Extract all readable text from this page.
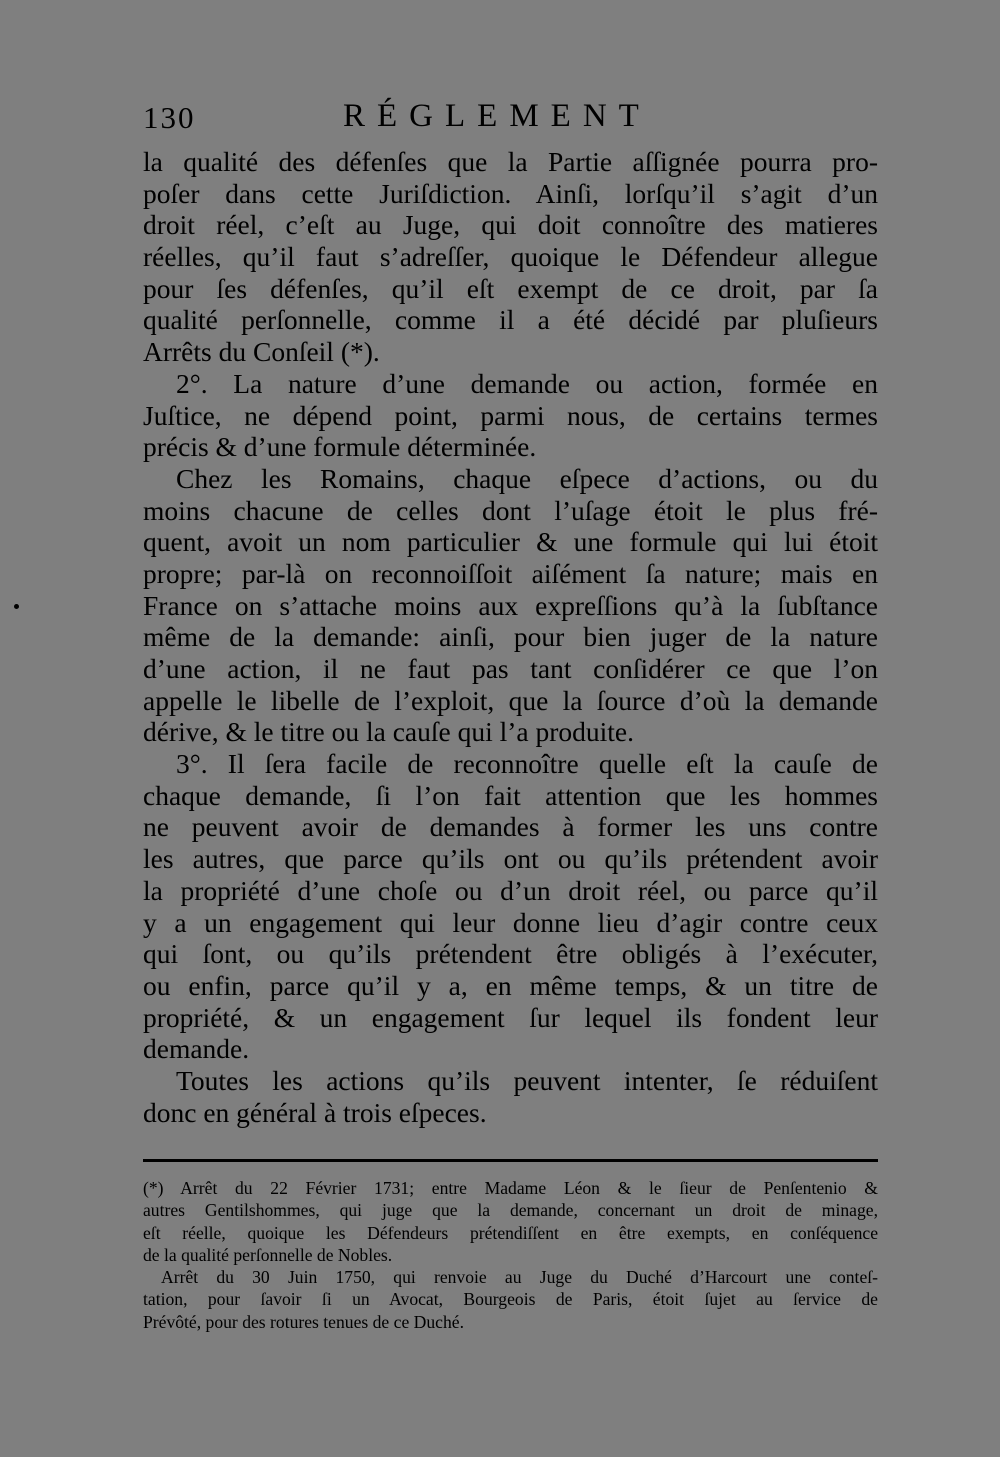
130	RÉGLEMENT
la qualité des défenſes que la Partie aſſignée pourra pro-
poſer dans cette Juriſdiction. Ainſi, lorſqu’il s’agit d’un
droit réel, c’eſt au Juge, qui doit connoître des matieres
réelles, qu’il faut s’adreſſer, quoique le Défendeur allegue
pour ſes défenſes, qu’il eſt exempt de ce droit, par ſa
qualité perſonnelle, comme il a été décidé par pluſieurs
Arrêts du Conſeil (*).
2°. La nature d’une demande ou action, formée en
Juſtice, ne dépend point, parmi nous, de certains termes
précis & d’une formule déterminée.
Chez les Romains, chaque eſpece d’actions, ou du
moins chacune de celles dont l’uſage étoit le plus fré-
quent, avoit un nom particulier & une formule qui lui étoit
propre; par-là on reconnoiſſoit aiſément ſa nature; mais en
France on s’attache moins aux expreſſions qu’à la ſubſtance
même de la demande: ainſi, pour bien juger de la nature
d’une action, il ne faut pas tant conſidérer ce que l’on
appelle le libelle de l’exploit, que la ſource d’où la demande
dérive, & le titre ou la cauſe qui l’a produite.
3°. Il ſera facile de reconnoître quelle eſt la cauſe de
chaque demande, ſi l’on fait attention que les hommes
ne peuvent avoir de demandes à former les uns contre
les autres, que parce qu’ils ont ou qu’ils prétendent avoir
la propriété d’une choſe ou d’un droit réel, ou parce qu’il
y a un engagement qui leur donne lieu d’agir contre ceux
qui ſont, ou qu’ils prétendent être obligés à l’exécuter,
ou enfin, parce qu’il y a, en même temps, & un titre de
propriété, & un engagement ſur lequel ils fondent leur
demande.
Toutes les actions qu’ils peuvent intenter, ſe réduiſent
donc en général à trois eſpeces.
(*) Arrêt du 22 Février 1731; entre Madame Léon & le ſieur de Penſentenio &
autres Gentilshommes, qui juge que la demande, concernant un droit de minage,
eſt réelle, quoique les Défendeurs prétendiſſent en être exempts, en conſéquence
de la qualité perſonnelle de Nobles.
Arrêt du 30 Juin 1750, qui renvoie au Juge du Duché d’Harcourt une conteſ-
tation, pour ſavoir ſi un Avocat, Bourgeois de Paris, étoit ſujet au ſervice de
Prévôté, pour des rotures tenues de ce Duché.
